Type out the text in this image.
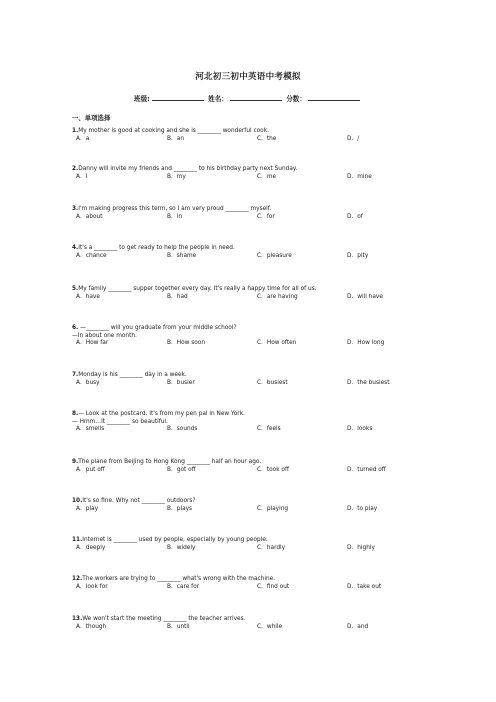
河北初三初中英语中考模拟
班级:	姓名：	分数：
一、单项选择
1.My mother is good at cooking and she is ________ wonderful cook.
A．a	B．an	C．the	D．/
2.Danny will invite my friends and ________ to his birthday party next Sunday.
A．I	B．my	C．me	D．mine
3.I'm making progress this term, so I am very proud ________ myself.
A．about	B．in	C．for	D．of
4.It's a ________ to get ready to help the people in need.
A．chance	B．shame	C．pleasure	D．pity
5.My family ________ supper together every day. It's really a happy time for all of us.
A．have	B．had	C．are having	D．will have
6. —________ will you graduate from your middle school?
—In about one month.
A．How far	B．How soon	C．How often	D．How long
7.Monday is his ________ day in a week.
A．busy	B．busier	C．busiest	D．the busiest
8.— Look at the postcard. It's from my pen pal in New York.
— Hmm…It ________ so beautiful.
A．smells	B．sounds	C．feels	D．looks
9.The plane from Beijing to Hong Kong ________ half an hour ago.
A．put off	B．got off	C．took off	D．turned off
10.It's so fine. Why not ________ outdoors?
A．play	B．plays	C．playing	D．to play
11.Internet is ________ used by people, especially by young people.
A．deeply	B．widely	C．hardly	D．highly
12.The workers are trying to ________ what's wrong with the machine.
A．look for	B．care for	C．find out	D．take out
13.We won't start the meeting ________ the teacher arrives.
A．though	B．until	C．while	D．and
